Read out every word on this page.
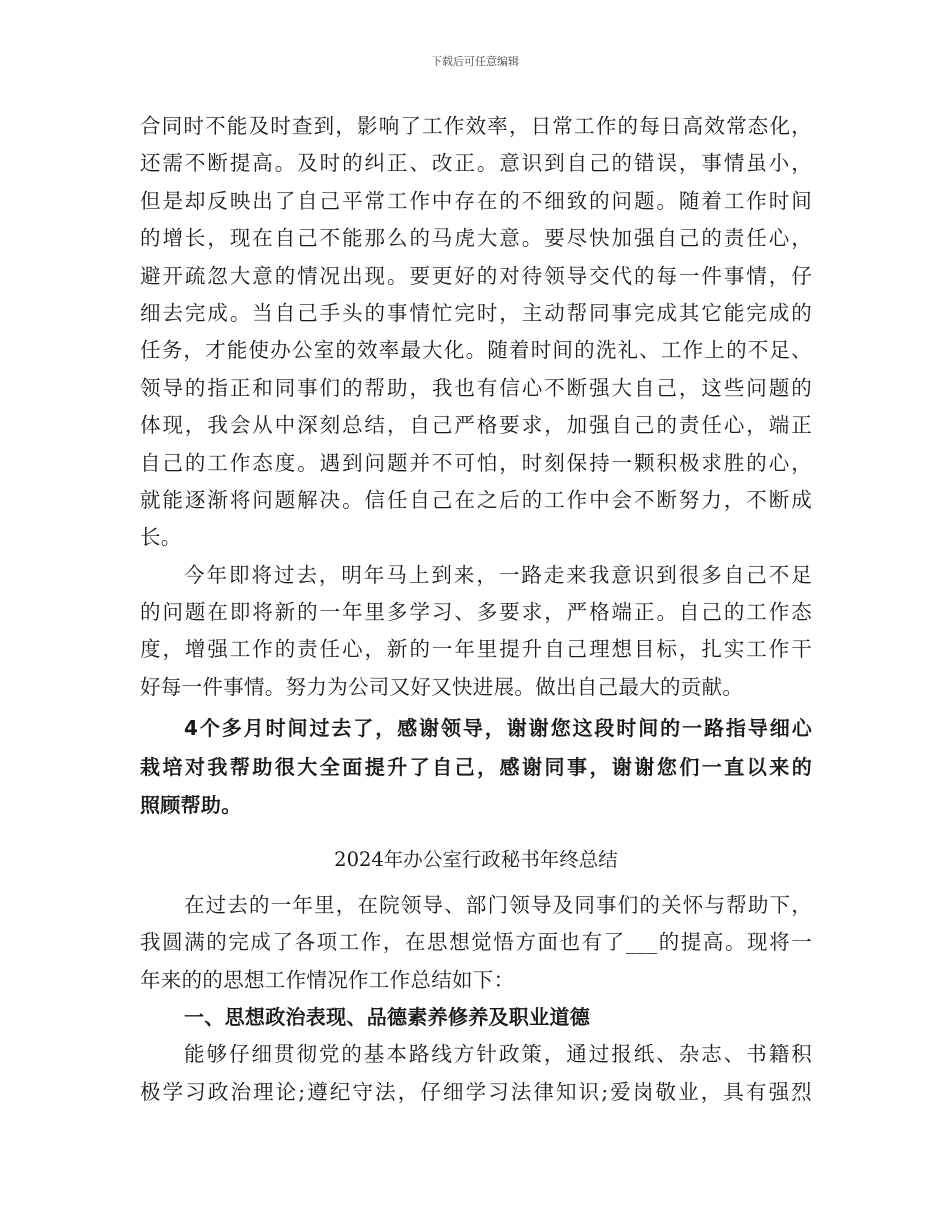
下载后可任意编辑
合同时不能及时查到，影响了工作效率，日常工作的每日高效常态化，
还需不断提高。及时的纠正、改正。意识到自己的错误，事情虽小，
但是却反映出了自己平常工作中存在的不细致的问题。随着工作时间
的增长，现在自己不能那么的马虎大意。要尽快加强自己的责任心，
避开疏忽大意的情况出现。要更好的对待领导交代的每一件事情，仔
细去完成。当自己手头的事情忙完时，主动帮同事完成其它能完成的
任务，才能使办公室的效率最大化。随着时间的洗礼、工作上的不足、
领导的指正和同事们的帮助，我也有信心不断强大自己，这些问题的
体现，我会从中深刻总结，自己严格要求，加强自己的责任心，端正
自己的工作态度。遇到问题并不可怕，时刻保持一颗积极求胜的心，
就能逐渐将问题解决。信任自己在之后的工作中会不断努力，不断成
长。
今年即将过去，明年马上到来，一路走来我意识到很多自己不足
的问题在即将新的一年里多学习、多要求，严格端正。自己的工作态
度，增强工作的责任心，新的一年里提升自己理想目标，扎实工作干
好每一件事情。努力为公司又好又快进展。做出自己最大的贡献。
4个多月时间过去了，感谢领导，谢谢您这段时间的一路指导细心
栽培对我帮助很大全面提升了自己，感谢同事，谢谢您们一直以来的
照顾帮助。
2024年办公室行政秘书年终总结
在过去的一年里，在院领导、部门领导及同事们的关怀与帮助下，
我圆满的完成了各项工作，在思想觉悟方面也有了___的提高。现将一
年来的的思想工作情况作工作总结如下：
一、思想政治表现、品德素养修养及职业道德
能够仔细贯彻党的基本路线方针政策，通过报纸、杂志、书籍积
极学习政治理论;遵纪守法，仔细学习法律知识;爱岗敬业，具有强烈
